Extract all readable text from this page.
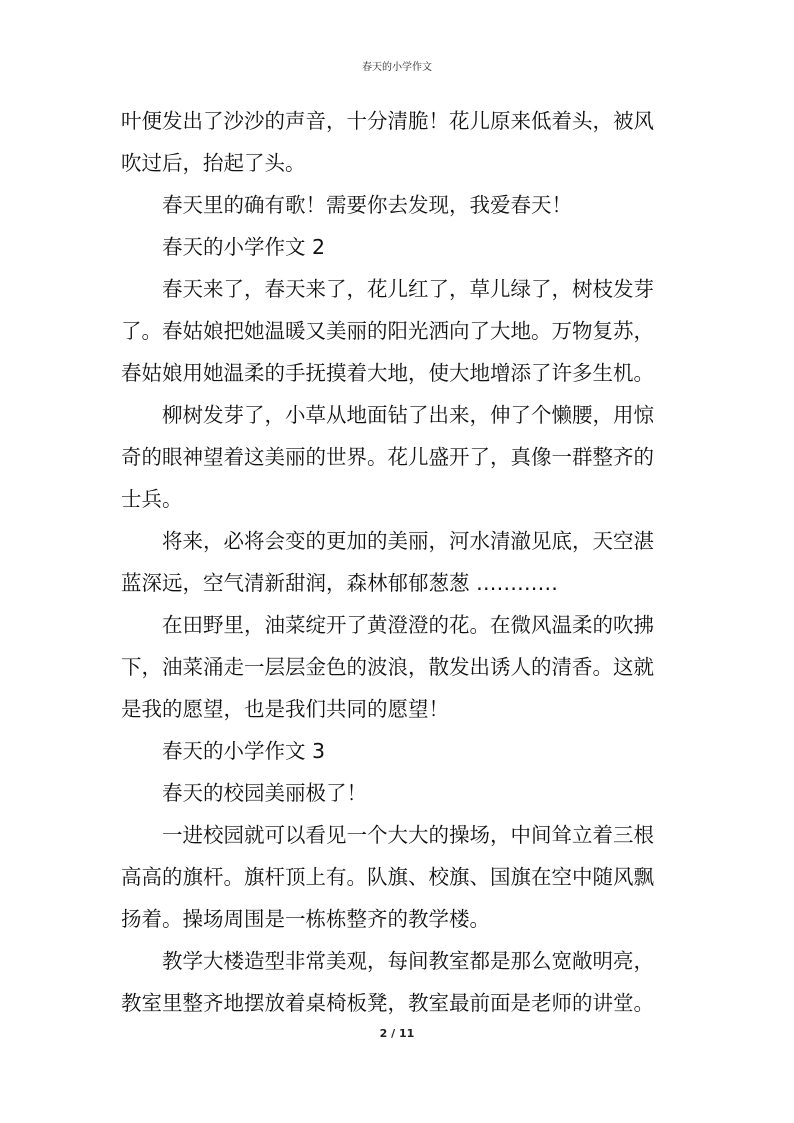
春天的小学作文
叶便发出了沙沙的声音，十分清脆！花儿原来低着头，被风
吹过后，抬起了头。
春天里的确有歌！需要你去发现，我爱春天！
春天的小学作文 2
春天来了，春天来了，花儿红了，草儿绿了，树枝发芽
了。春姑娘把她温暖又美丽的阳光洒向了大地。万物复苏，
春姑娘用她温柔的手抚摸着大地，使大地增添了许多生机。
柳树发芽了，小草从地面钻了出来，伸了个懒腰，用惊
奇的眼神望着这美丽的世界。花儿盛开了，真像一群整齐的
士兵。
将来，必将会变的更加的美丽，河水清澈见底，天空湛
蓝深远，空气清新甜润，森林郁郁葱葱 …………
在田野里，油菜绽开了黄澄澄的花。在微风温柔的吹拂
下，油菜涌走一层层金色的波浪，散发出诱人的清香。这就
是我的愿望，也是我们共同的愿望！
春天的小学作文 3
春天的校园美丽极了！
一进校园就可以看见一个大大的操场，中间耸立着三根
高高的旗杆。旗杆顶上有。队旗、校旗、国旗在空中随风飘
扬着。操场周围是一栋栋整齐的教学楼。
教学大楼造型非常美观，每间教室都是那么宽敞明亮，
教室里整齐地摆放着桌椅板凳，教室最前面是老师的讲堂。
2 / 11
